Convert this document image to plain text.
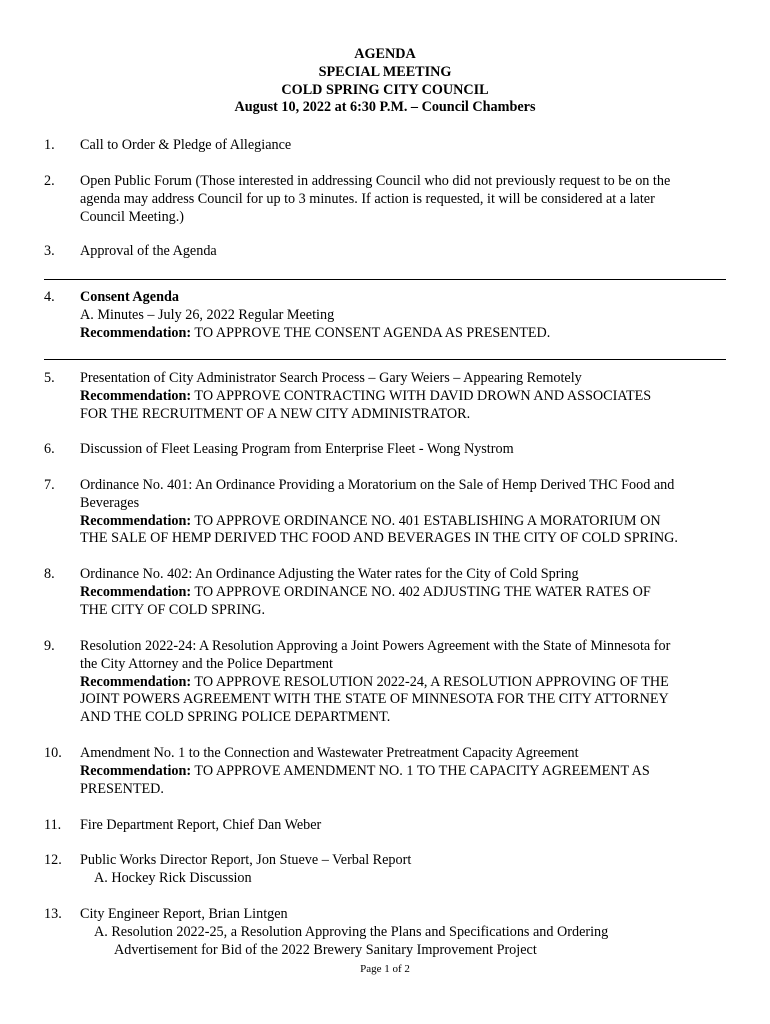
AGENDA
SPECIAL MEETING
COLD SPRING CITY COUNCIL
August 10, 2022 at 6:30 P.M. – Council Chambers
1.	Call to Order & Pledge of Allegiance
2.	Open Public Forum (Those interested in addressing Council who did not previously request to be on the
agenda may address Council for up to 3 minutes. If action is requested, it will be considered at a later
Council Meeting.)
3.	Approval of the Agenda
4.	Consent Agenda
A. Minutes – July 26, 2022 Regular Meeting
Recommendation: TO APPROVE THE CONSENT AGENDA AS PRESENTED.
5.	Presentation of City Administrator Search Process – Gary Weiers – Appearing Remotely
Recommendation: TO APPROVE CONTRACTING WITH DAVID DROWN AND ASSOCIATES
FOR THE RECRUITMENT OF A NEW CITY ADMINISTRATOR.
6.	Discussion of Fleet Leasing Program from Enterprise Fleet - Wong Nystrom
7.	Ordinance No. 401: An Ordinance Providing a Moratorium on the Sale of Hemp Derived THC Food and
Beverages
Recommendation: TO APPROVE ORDINANCE NO. 401 ESTABLISHING A MORATORIUM ON
THE SALE OF HEMP DERIVED THC FOOD AND BEVERAGES IN THE CITY OF COLD SPRING.
8.	Ordinance No. 402: An Ordinance Adjusting the Water rates for the City of Cold Spring
Recommendation: TO APPROVE ORDINANCE NO. 402 ADJUSTING THE WATER RATES OF
THE CITY OF COLD SPRING.
9.	Resolution 2022-24: A Resolution Approving a Joint Powers Agreement with the State of Minnesota for
the City Attorney and the Police Department
Recommendation: TO APPROVE RESOLUTION 2022-24, A RESOLUTION APPROVING OF THE
JOINT POWERS AGREEMENT WITH THE STATE OF MINNESOTA FOR THE CITY ATTORNEY
AND THE COLD SPRING POLICE DEPARTMENT.
10.	Amendment No. 1 to the Connection and Wastewater Pretreatment Capacity Agreement
Recommendation: TO APPROVE AMENDMENT NO. 1 TO THE CAPACITY AGREEMENT AS
PRESENTED.
11.	Fire Department Report, Chief Dan Weber
12.	Public Works Director Report, Jon Stueve – Verbal Report
A. Hockey Rick Discussion
13.	City Engineer Report, Brian Lintgen
A. Resolution 2022-25, a Resolution Approving the Plans and Specifications and Ordering
Advertisement for Bid of the 2022 Brewery Sanitary Improvement Project
Page 1 of 2
